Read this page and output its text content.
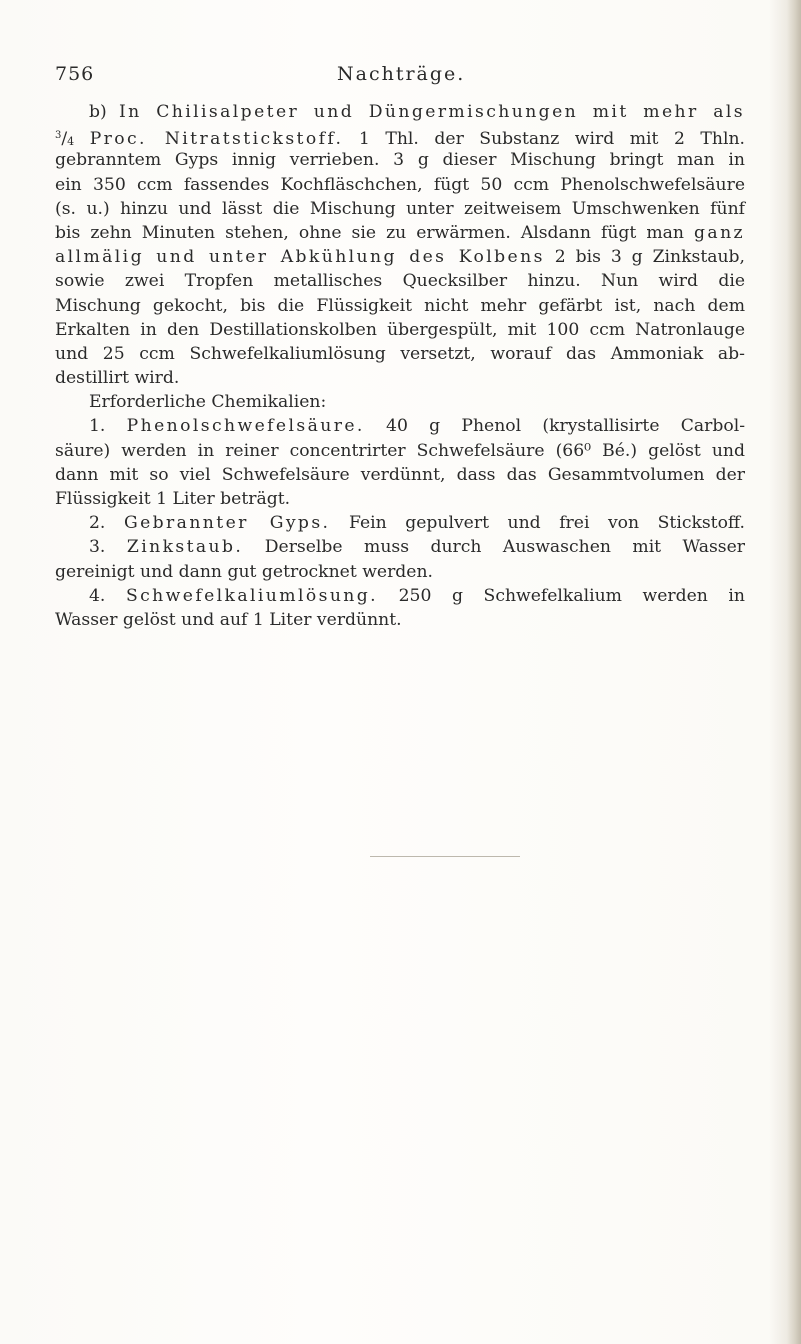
756	Nachträge.
b) In Chilisalpeter und Düngermischungen mit mehr als
$^3/_4$ Proc. Nitratstickstoff. 1 Thl. der Substanz wird mit 2 Thln.
gebranntem Gyps innig verrieben. 3 g dieser Mischung bringt man in
ein 350 ccm fassendes Kochfläschchen, fügt 50 ccm Phenolschwefelsäure
(s. u.) hinzu und lässt die Mischung unter zeitweisem Umschwenken fünf
bis zehn Minuten stehen, ohne sie zu erwärmen. Alsdann fügt man ganz
allmälig und unter Abkühlung des Kolbens 2 bis 3 g Zinkstaub,
sowie zwei Tropfen metallisches Quecksilber hinzu. Nun wird die
Mischung gekocht, bis die Flüssigkeit nicht mehr gefärbt ist, nach dem
Erkalten in den Destillationskolben übergespült, mit 100 ccm Natronlauge
und 25 ccm Schwefelkaliumlösung versetzt, worauf das Ammoniak ab-
destillirt wird.
Erforderliche Chemikalien:
1. Phenolschwefelsäure. 40 g Phenol (krystallisirte Carbol-
säure) werden in reiner concentrirter Schwefelsäure (66⁰ Bé.) gelöst und
dann mit so viel Schwefelsäure verdünnt, dass das Gesammtvolumen der
Flüssigkeit 1 Liter beträgt.
2. Gebrannter Gyps. Fein gepulvert und frei von Stickstoff.
3. Zinkstaub. Derselbe muss durch Auswaschen mit Wasser
gereinigt und dann gut getrocknet werden.
4. Schwefelkaliumlösung. 250 g Schwefelkalium werden in
Wasser gelöst und auf 1 Liter verdünnt.
